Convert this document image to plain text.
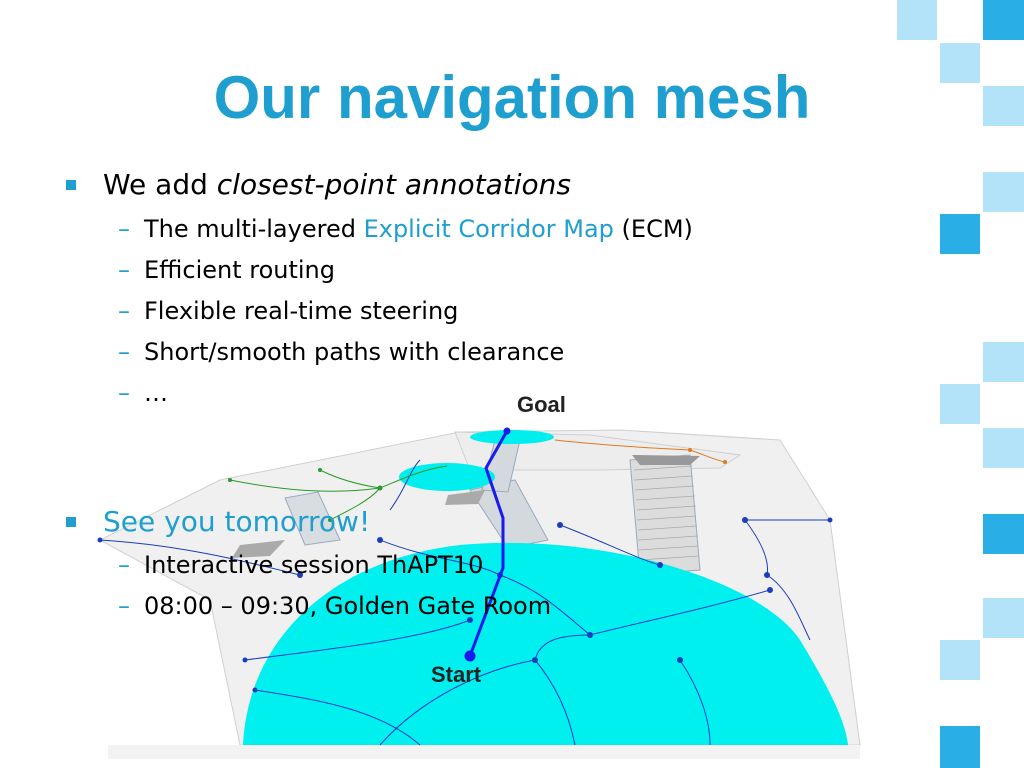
Our navigation mesh
We add closest-point annotations
– The multi-layered Explicit Corridor Map (ECM)
– Efficient routing
– Flexible real-time steering
– Short/smooth paths with clearance
– …
See you tomorrow!
– Interactive session ThAPT10
– 08:00 – 09:30, Golden Gate Room
Goal
Start
